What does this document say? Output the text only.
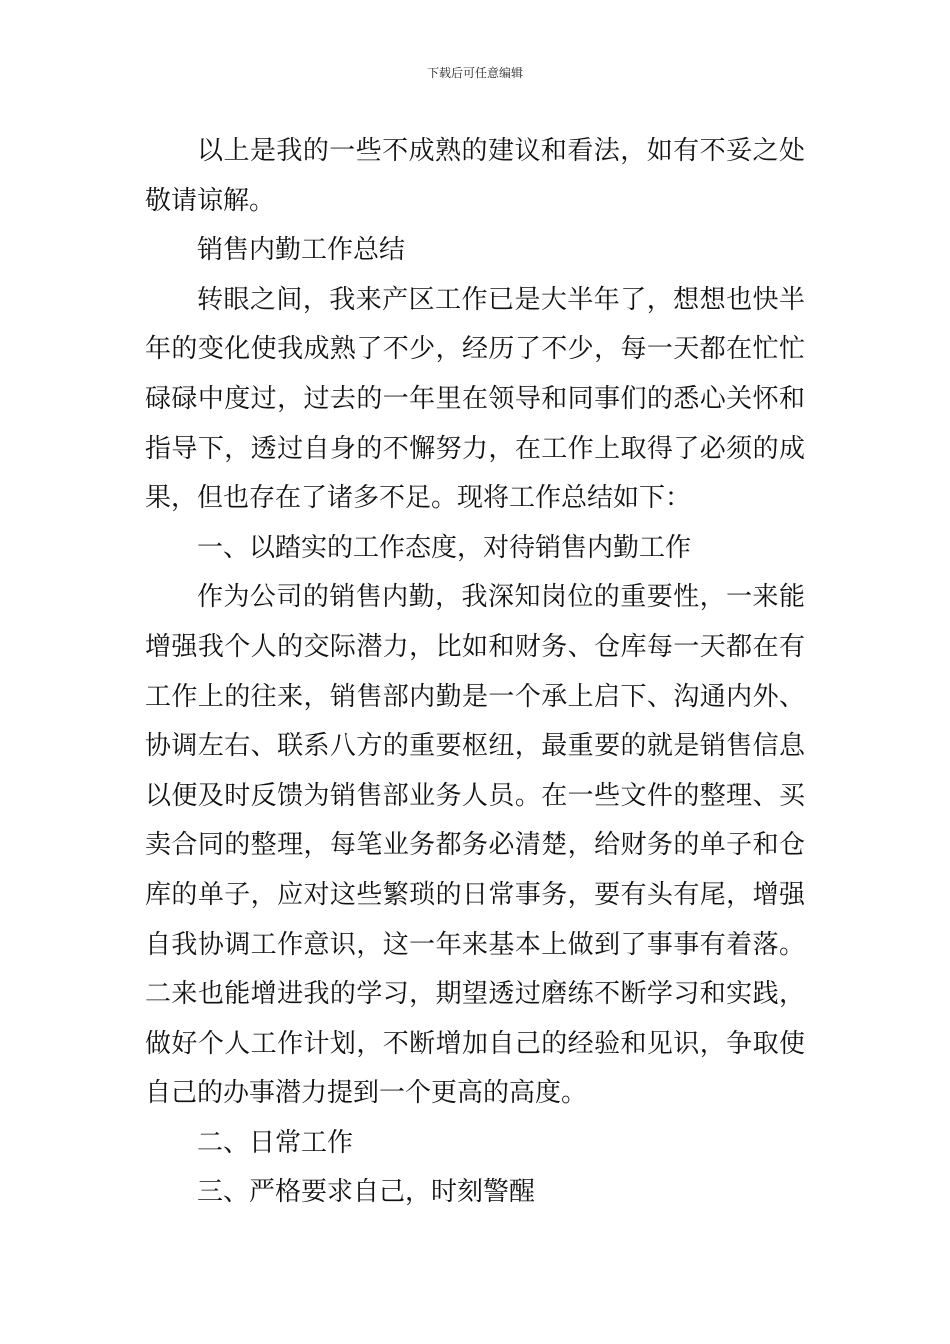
下载后可任意编辑
以上是我的一些不成熟的建议和看法，如有不妥之处
敬请谅解。
销售内勤工作总结
转眼之间，我来产区工作已是大半年了，想想也快半
年的变化使我成熟了不少，经历了不少，每一天都在忙忙
碌碌中度过，过去的一年里在领导和同事们的悉心关怀和
指导下，透过自身的不懈努力，在工作上取得了必须的成
果，但也存在了诸多不足。现将工作总结如下：
一、以踏实的工作态度，对待销售内勤工作
作为公司的销售内勤，我深知岗位的重要性，一来能
增强我个人的交际潜力，比如和财务、仓库每一天都在有
工作上的往来，销售部内勤是一个承上启下、沟通内外、
协调左右、联系八方的重要枢纽，最重要的就是销售信息
以便及时反馈为销售部业务人员。在一些文件的整理、买
卖合同的整理，每笔业务都务必清楚，给财务的单子和仓
库的单子，应对这些繁琐的日常事务，要有头有尾，增强
自我协调工作意识，这一年来基本上做到了事事有着落。
二来也能增进我的学习，期望透过磨练不断学习和实践，
做好个人工作计划，不断增加自己的经验和见识，争取使
自己的办事潜力提到一个更高的高度。
二、日常工作
三、严格要求自己，时刻警醒
